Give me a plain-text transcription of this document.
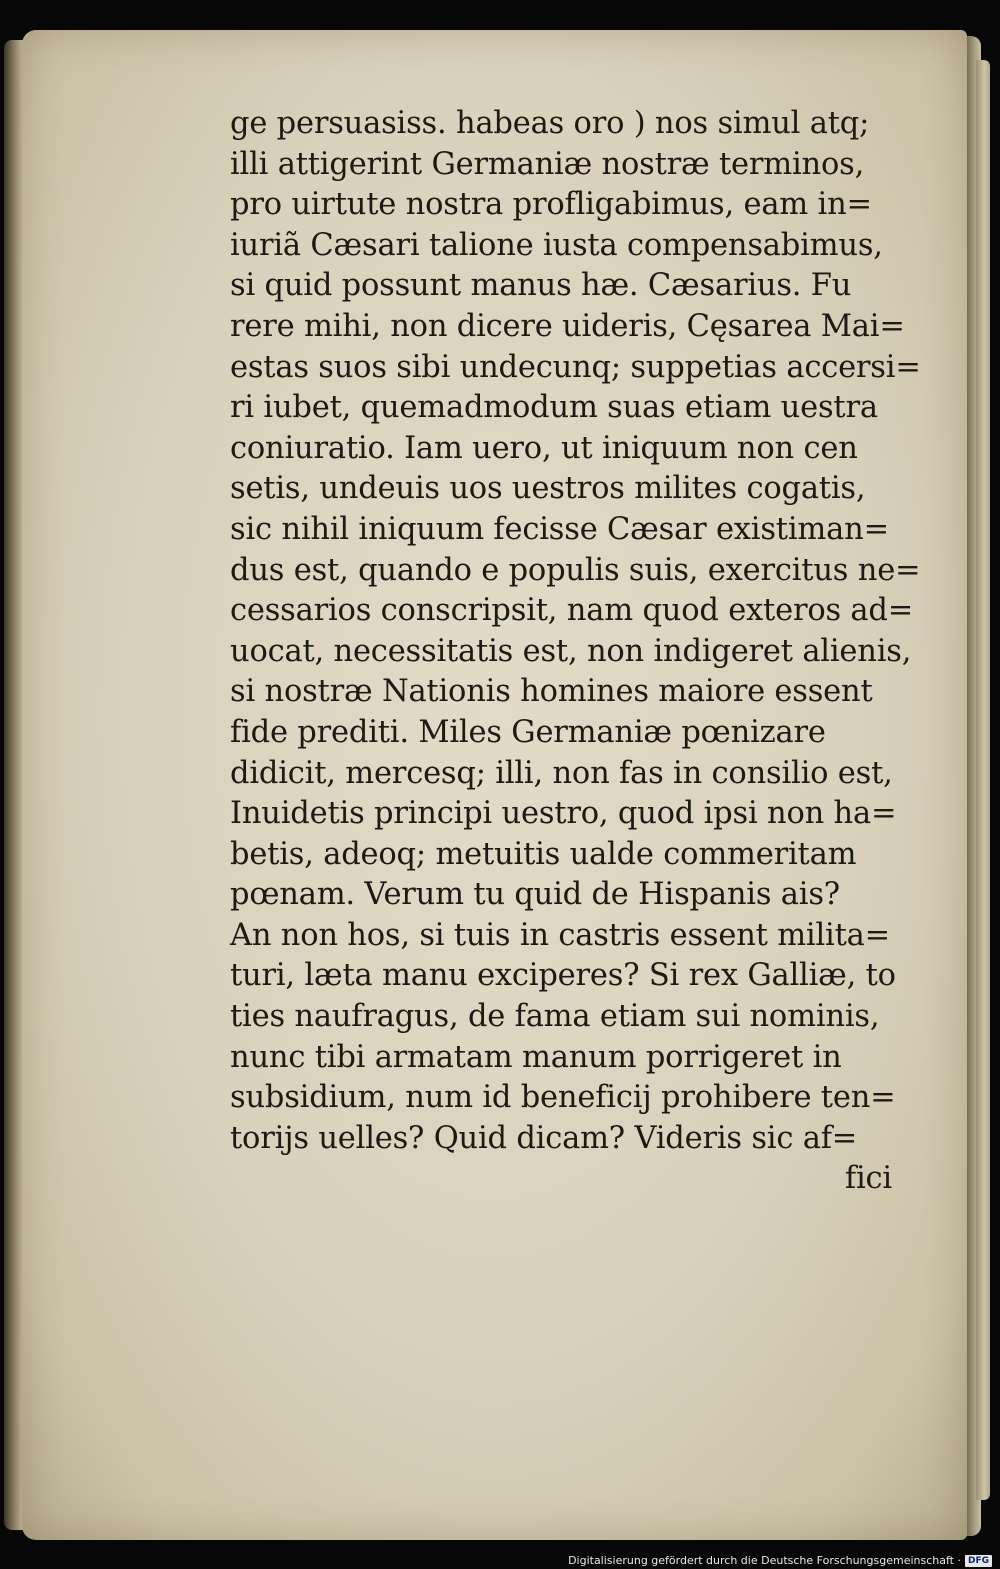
ge persuasiss. habeas oro ) nos simul atq;
illi attigerint Germaniæ nostræ terminos,
pro uirtute nostra profligabimus, eam in=
iuriã Cæsari talione iusta compensabimus,
si quid possunt manus hæ. Cæsarius. Fu
rere mihi, non dicere uideris, Cęsarea Mai=
estas suos sibi undecunq; suppetias accersi=
ri iubet, quemadmodum suas etiam uestra
coniuratio. Iam uero, ut iniquum non cen
setis, undeuis uos uestros milites cogatis,
sic nihil iniquum fecisse Cæsar existiman=
dus est, quando e populis suis, exercitus ne=
cessarios conscripsit, nam quod exteros ad=
uocat, necessitatis est, non indigeret alienis,
si nostræ Nationis homines maiore essent
fide prediti. Miles Germaniæ pœnizare
didicit, mercesq; illi, non fas in consilio est,
Inuidetis principi uestro, quod ipsi non ha=
betis, adeoq; metuitis ualde commeritam
pœnam. Verum tu quid de Hispanis ais?
An non hos, si tuis in castris essent milita=
turi, læta manu exciperes? Si rex Galliæ, to
ties naufragus, de fama etiam sui nominis,
nunc tibi armatam manum porrigeret in
subsidium, num id beneficij prohibere ten=
torijs uelles? Quid dicam? Videris sic af=
fici
Digitalisierung gefördert durch die Deutsche Forschungsgemeinschaft · DFG
